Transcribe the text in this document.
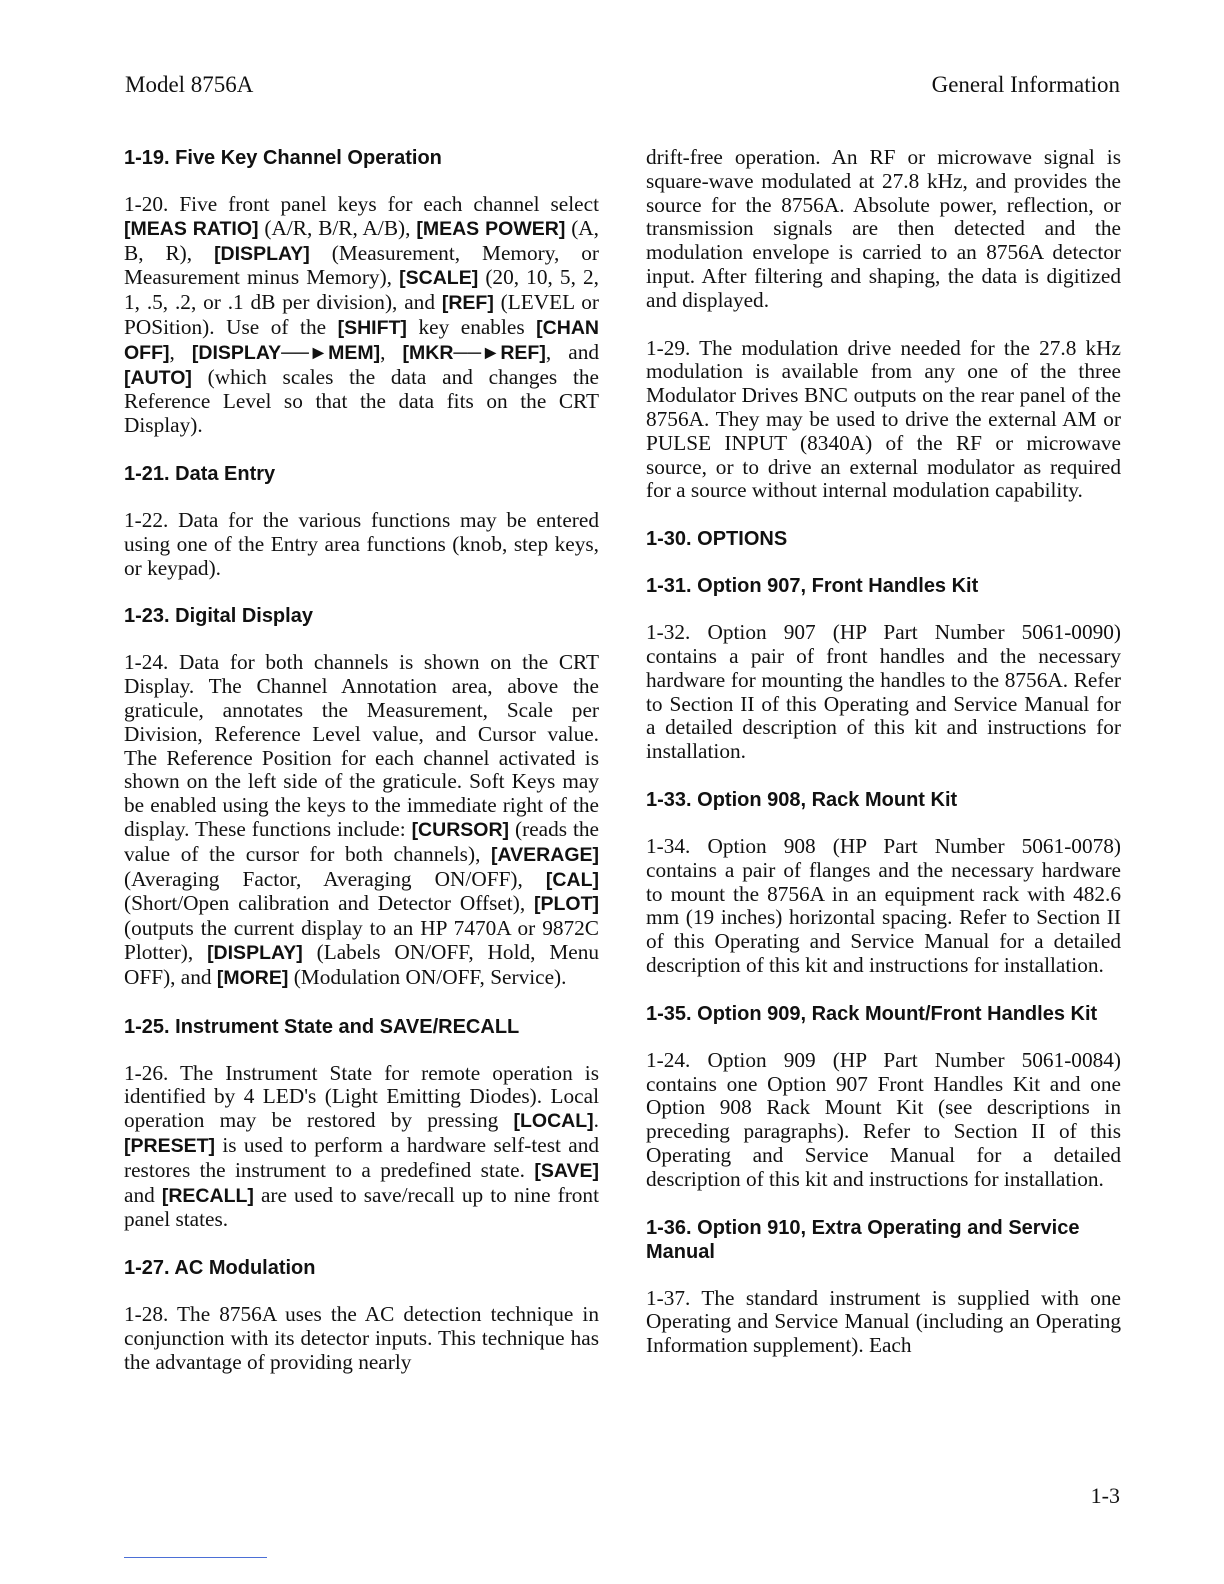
Model 8756A	General Information
1-19. Five Key Channel Operation
1-20. Five front panel keys for each channel select [MEAS RATIO] (A/R, B/R, A/B), [MEAS POWER] (A, B, R), [DISPLAY] (Measurement, Memory, or Measurement minus Memory), [SCALE] (20, 10, 5, 2, 1, .5, .2, or .1 dB per division), and [REF] (LEVEL or POSition). Use of the [SHIFT] key enables [CHAN OFF], [DISPLAY──►MEM], [MKR──►REF], and [AUTO] (which scales the data and changes the Reference Level so that the data fits on the CRT Display).
1-21. Data Entry
1-22. Data for the various functions may be entered using one of the Entry area functions (knob, step keys, or keypad).
1-23. Digital Display
1-24. Data for both channels is shown on the CRT Display. The Channel Annotation area, above the graticule, annotates the Measurement, Scale per Division, Reference Level value, and Cursor value. The Reference Position for each channel activated is shown on the left side of the graticule. Soft Keys may be enabled using the keys to the immediate right of the display. These functions include: [CURSOR] (reads the value of the cursor for both channels), [AVERAGE] (Averaging Factor, Averaging ON/OFF), [CAL] (Short/Open calibration and Detector Offset), [PLOT] (outputs the current display to an HP 7470A or 9872C Plotter), [DISPLAY] (Labels ON/OFF, Hold, Menu OFF), and [MORE] (Modulation ON/OFF, Service).
1-25. Instrument State and SAVE/RECALL
1-26. The Instrument State for remote operation is identified by 4 LED's (Light Emitting Diodes). Local operation may be restored by pressing [LOCAL]. [PRESET] is used to perform a hardware self-test and restores the instrument to a predefined state. [SAVE] and [RECALL] are used to save/recall up to nine front panel states.
1-27. AC Modulation
1-28. The 8756A uses the AC detection technique in conjunction with its detector inputs. This technique has the advantage of providing nearly
drift-free operation. An RF or microwave signal is square-wave modulated at 27.8 kHz, and provides the source for the 8756A. Absolute power, reflection, or transmission signals are then detected and the modulation envelope is carried to an 8756A detector input. After filtering and shaping, the data is digitized and displayed.
1-29. The modulation drive needed for the 27.8 kHz modulation is available from any one of the three Modulator Drives BNC outputs on the rear panel of the 8756A. They may be used to drive the external AM or PULSE INPUT (8340A) of the RF or microwave source, or to drive an external modulator as required for a source without internal modulation capability.
1-30. OPTIONS
1-31. Option 907, Front Handles Kit
1-32. Option 907 (HP Part Number 5061-0090) contains a pair of front handles and the necessary hardware for mounting the handles to the 8756A. Refer to Section II of this Operating and Service Manual for a detailed description of this kit and instructions for installation.
1-33. Option 908, Rack Mount Kit
1-34. Option 908 (HP Part Number 5061-0078) contains a pair of flanges and the necessary hardware to mount the 8756A in an equipment rack with 482.6 mm (19 inches) horizontal spacing. Refer to Section II of this Operating and Service Manual for a detailed description of this kit and instructions for installation.
1-35. Option 909, Rack Mount/Front Handles Kit
1-24. Option 909 (HP Part Number 5061-0084) contains one Option 907 Front Handles Kit and one Option 908 Rack Mount Kit (see descriptions in preceding paragraphs). Refer to Section II of this Operating and Service Manual for a detailed description of this kit and instructions for installation.
1-36. Option 910, Extra Operating and Service Manual
1-37. The standard instrument is supplied with one Operating and Service Manual (including an Operating Information supplement). Each
1-3
